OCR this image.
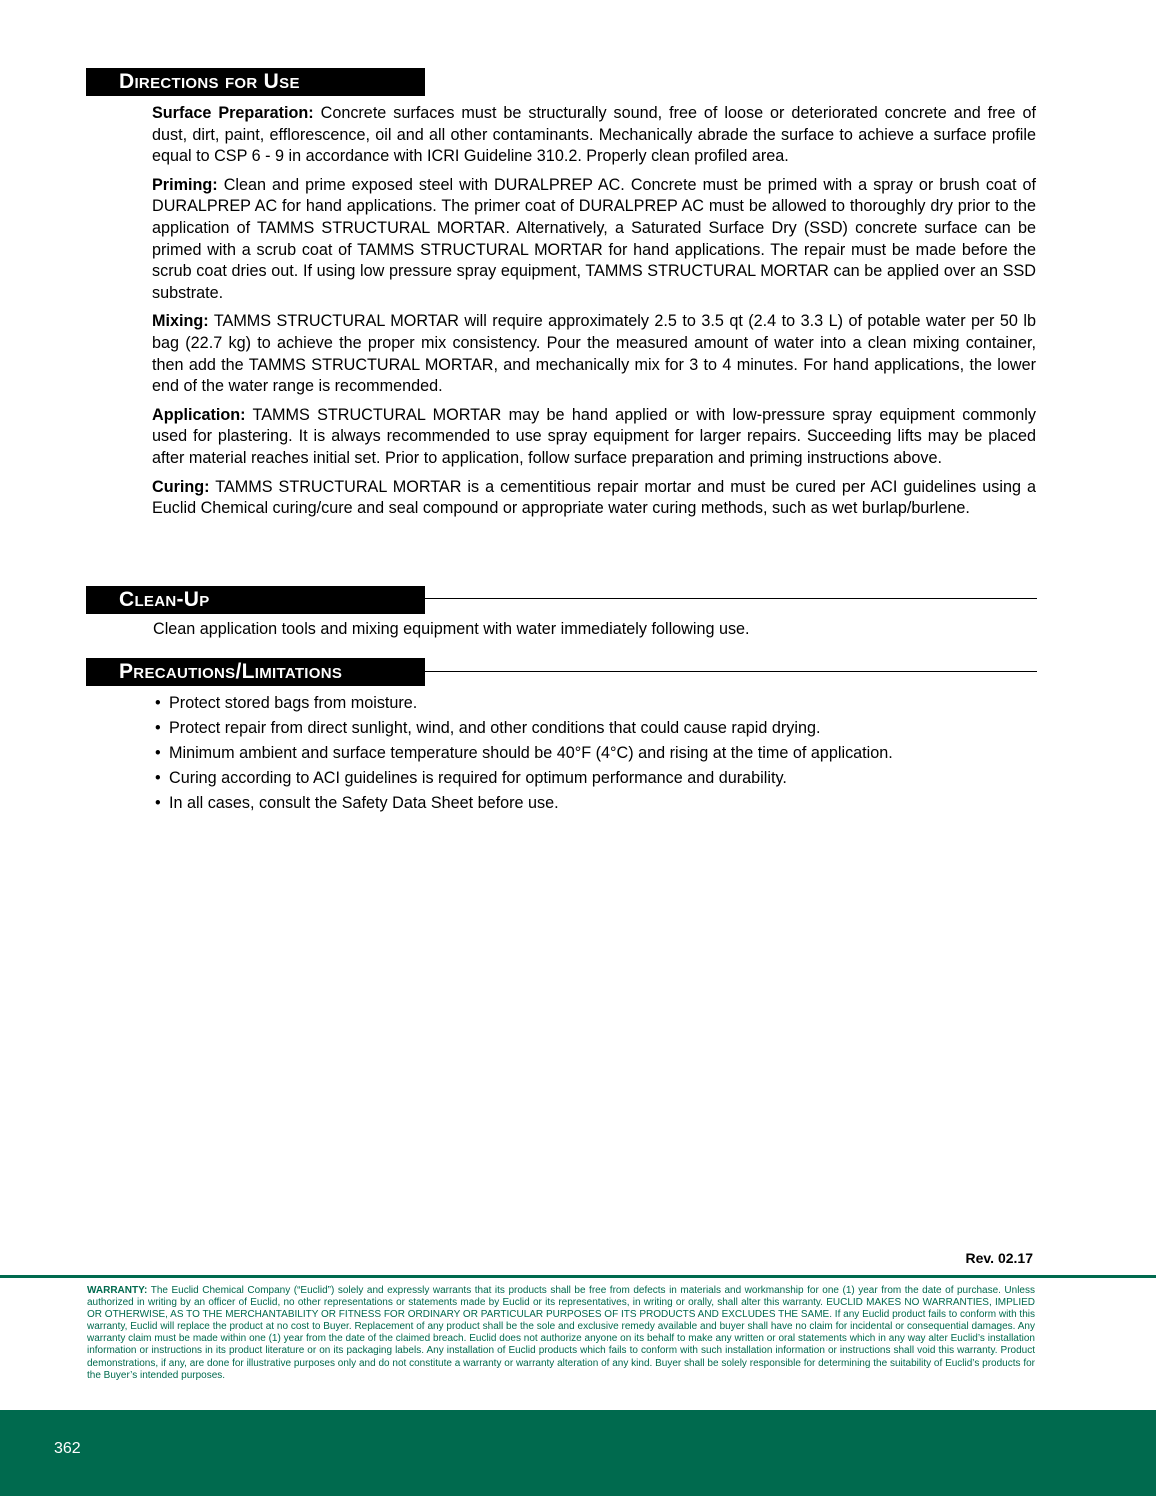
Directions for Use

Surface Preparation: Concrete surfaces must be structurally sound, free of loose or deteriorated concrete and free of dust, dirt, paint, efflorescence, oil and all other contaminants. Mechanically abrade the surface to achieve a surface profile equal to CSP 6 - 9 in accordance with ICRI Guideline 310.2. Properly clean profiled area.

Priming: Clean and prime exposed steel with DURALPREP AC. Concrete must be primed with a spray or brush coat of DURALPREP AC for hand applications. The primer coat of DURALPREP AC must be allowed to thoroughly dry prior to the application of TAMMS STRUCTURAL MORTAR. Alternatively, a Saturated Surface Dry (SSD) concrete surface can be primed with a scrub coat of TAMMS STRUCTURAL MORTAR for hand applications. The repair must be made before the scrub coat dries out. If using low pressure spray equipment, TAMMS STRUCTURAL MORTAR can be applied over an SSD substrate.

Mixing: TAMMS STRUCTURAL MORTAR will require approximately 2.5 to 3.5 qt (2.4 to 3.3 L) of potable water per 50 lb bag (22.7 kg) to achieve the proper mix consistency. Pour the measured amount of water into a clean mixing container, then add the TAMMS STRUCTURAL MORTAR, and mechanically mix for 3 to 4 minutes. For hand applications, the lower end of the water range is recommended.

Application: TAMMS STRUCTURAL MORTAR may be hand applied or with low-pressure spray equipment commonly used for plastering. It is always recommended to use spray equipment for larger repairs. Succeeding lifts may be placed after material reaches initial set. Prior to application, follow surface preparation and priming instructions above.

Curing: TAMMS STRUCTURAL MORTAR is a cementitious repair mortar and must be cured per ACI guidelines using a Euclid Chemical curing/cure and seal compound or appropriate water curing methods, such as wet burlap/burlene.

Clean-Up

Clean application tools and mixing equipment with water immediately following use.

Precautions/Limitations
• Protect stored bags from moisture.
• Protect repair from direct sunlight, wind, and other conditions that could cause rapid drying.
• Minimum ambient and surface temperature should be 40°F (4°C) and rising at the time of application.
• Curing according to ACI guidelines is required for optimum performance and durability.
• In all cases, consult the Safety Data Sheet before use.
Rev. 02.17
WARRANTY: The Euclid Chemical Company (“Euclid”) solely and expressly warrants that its products shall be free from defects in materials and workmanship for one (1) year from the date of purchase. Unless authorized in writing by an officer of Euclid, no other representations or statements made by Euclid or its representatives, in writing or orally, shall alter this warranty. EUCLID MAKES NO WARRANTIES, IMPLIED OR OTHERWISE, AS TO THE MERCHANTABILITY OR FITNESS FOR ORDINARY OR PARTICULAR PURPOSES OF ITS PRODUCTS AND EXCLUDES THE SAME. If any Euclid product fails to conform with this warranty, Euclid will replace the product at no cost to Buyer. Replacement of any product shall be the sole and exclusive remedy available and buyer shall have no claim for incidental or consequential damages. Any warranty claim must be made within one (1) year from the date of the claimed breach. Euclid does not authorize anyone on its behalf to make any written or oral statements which in any way alter Euclid’s installation information or instructions in its product literature or on its packaging labels. Any installation of Euclid products which fails to conform with such installation information or instructions shall void this warranty. Product demonstrations, if any, are done for illustrative purposes only and do not constitute a warranty or warranty alteration of any kind. Buyer shall be solely responsible for determining the suitability of Euclid’s products for the Buyer’s intended purposes.
362
